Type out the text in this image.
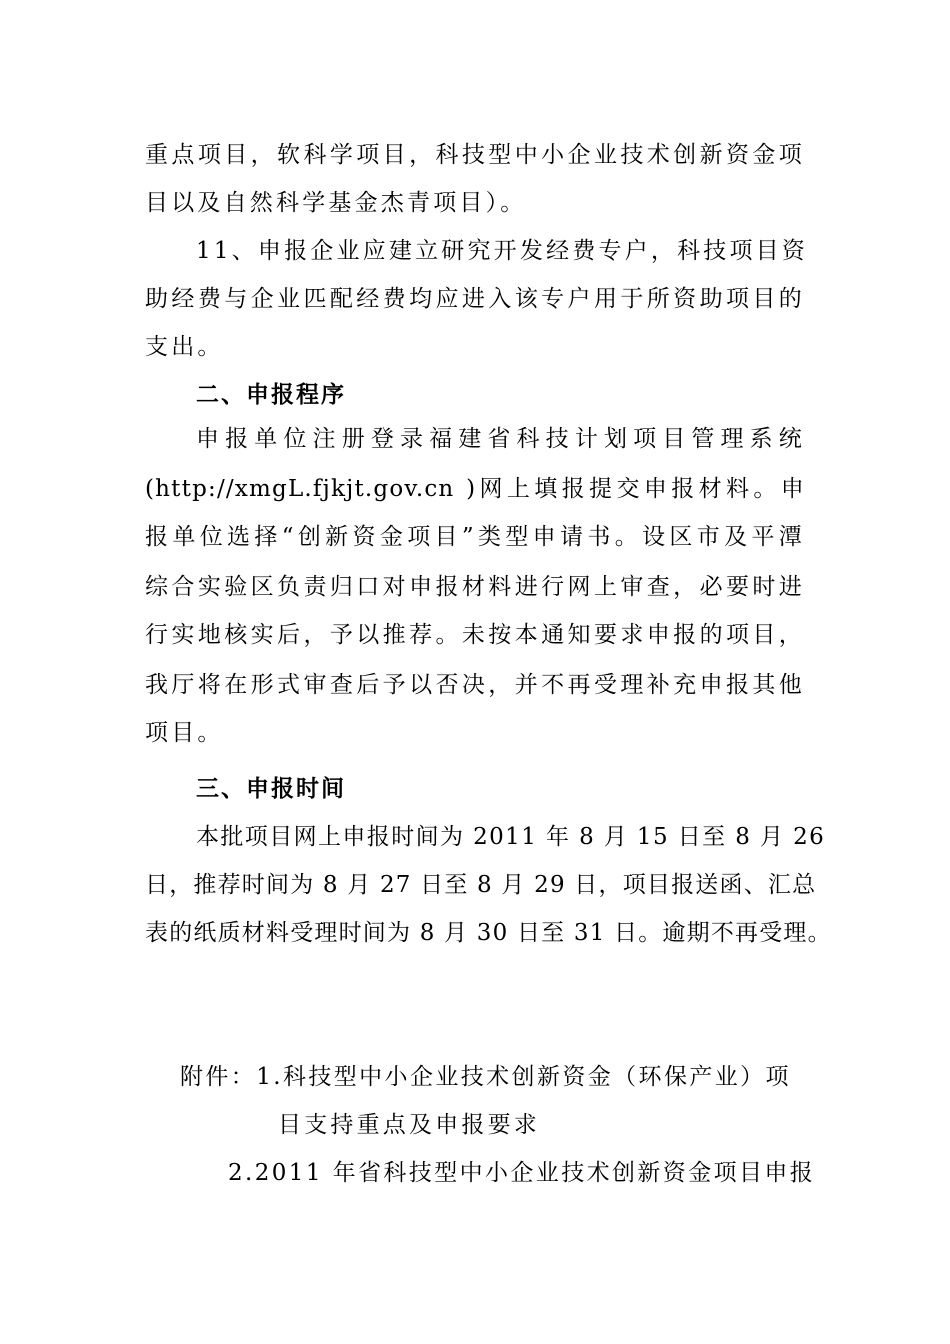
重点项目，软科学项目，科技型中小企业技术创新资金项
目以及自然科学基金杰青项目）。
11、申报企业应建立研究开发经费专户，科技项目资
助经费与企业匹配经费均应进入该专户用于所资助项目的
支出。
二、申报程序
申报单位注册登录福建省科技计划项目管理系统
(http://xmgL.fjkjt.gov.cn )网上填报提交申报材料。申
报单位选择“创新资金项目”类型申请书。设区市及平潭
综合实验区负责归口对申报材料进行网上审查，必要时进
行实地核实后，予以推荐。未按本通知要求申报的项目，
我厅将在形式审查后予以否决，并不再受理补充申报其他
项目。
三、申报时间
本批项目网上申报时间为 2011 年 8 月 15 日至 8 月 26
日，推荐时间为 8 月 27 日至 8 月 29 日，项目报送函、汇总
表的纸质材料受理时间为 8 月 30 日至 31 日。逾期不再受理。
附件：1.科技型中小企业技术创新资金（环保产业）项
目支持重点及申报要求
2.2011 年省科技型中小企业技术创新资金项目申报
